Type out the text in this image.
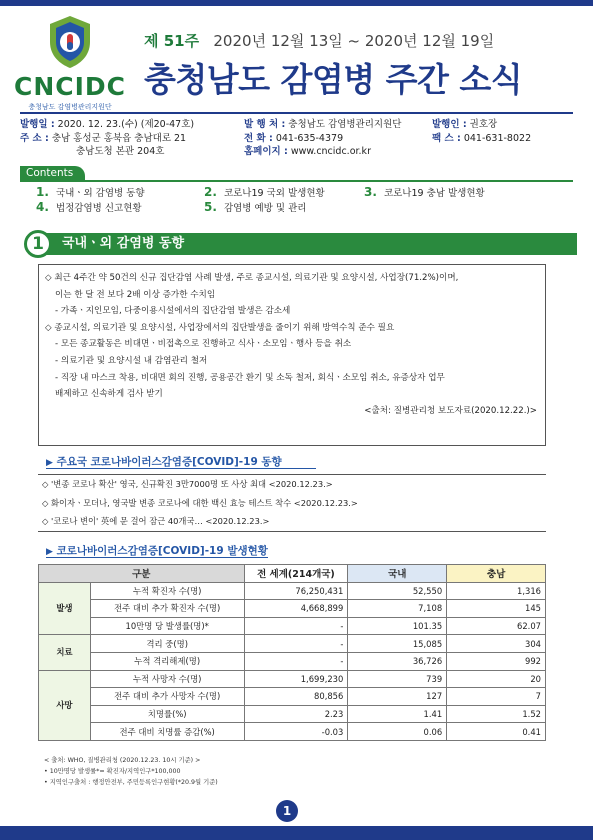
CNCIDC
충청남도 감염병관리지원단
제 51주 2020년 12월 13일 ~ 2020년 12월 19일
충청남도 감염병 주간 소식
발행일 : 2020. 12. 23.(수) (제20-47호)
주 소 : 충남 홍성군 홍북읍 충남대로 21
충남도청 본관 204호
발 행 처 : 충청남도 감염병관리지원단
전 화 : 041-635-4379
홈페이지 : www.cncidc.or.kr
발행인 : 권호장
팩 스 : 041-631-8022
Contents
1. 국내ㆍ외 감염병 동향	2. 코로나19 국외 발생현황	3. 코로나19 충남 발생현황
4. 법정감염병 신고현황	5. 감염병 예방 및 관리
1	국내ㆍ외 감염병 동향

◇ 최근 4주간 약 50건의 신규 집단감염 사례 발생, 주로 종교시설, 의료기관 및 요양시설, 사업장(71.2%)이며,

이는 한 달 전 보다 2배 이상 증가한 수치임

- 가족ㆍ지인모임, 다중이용시설에서의 집단감염 발생은 감소세

◇ 종교시설, 의료기관 및 요양시설, 사업장에서의 집단발생을 줄이기 위해 방역수칙 준수 필요

- 모든 종교활동은 비대면ㆍ비접촉으로 진행하고 식사ㆍ소모임ㆍ행사 등을 취소

- 의료기관 및 요양시설 내 감염관리 철저

- 직장 내 마스크 착용, 비대면 회의 진행, 공용공간 환기 및 소독 철저, 회식ㆍ소모임 취소, 유증상자 업무

배제하고 신속하게 검사 받기

<출처: 질병관리청 보도자료(2020.12.22.)>

▶ 주요국 코로나바이러스감염증[COVID]-19 동향

◇ '변종 코로나 확산' 영국, 신규확진 3만7000명 또 사상 최대 <2020.12.23.>

◇ 화이자ㆍ모더나, 영국발 변종 코로나에 대한 백신 효능 테스트 착수 <2020.12.23.>

◇ '코로나 변이' 英에 문 걸어 잠근 40개국… <2020.12.23.>

▶ 코로나바이러스감염증[COVID]-19 발생현황
구분		전 세계(214개국)	국내	충남
발생	누적 확진자 수(명)	76,250,431	52,550	1,316
	전주 대비 추가 확진자 수(명)	4,668,899	7,108	145
	10만명 당 발생률(명)*	-	101.35	62.07
치료	격리 중(명)	-	15,085	304
	누적 격리해제(명)	-	36,726	992
사망	누적 사망자 수(명)	1,699,230	739	20
	전주 대비 추가 사망자 수(명)	80,856	127	7
	치명률(%)	2.23	1.41	1.52
	전주 대비 치명률 증감(%)	-0.03	0.06	0.41
< 출처: WHO, 질병관리청 (2020.12.23. 10시 기준) >
• 10만명당 발생률*= 확진자/지역인구*100,000
• 지역인구출처 : 행정안전부, 주민등록인구현황(*20.9월 기준)
1
